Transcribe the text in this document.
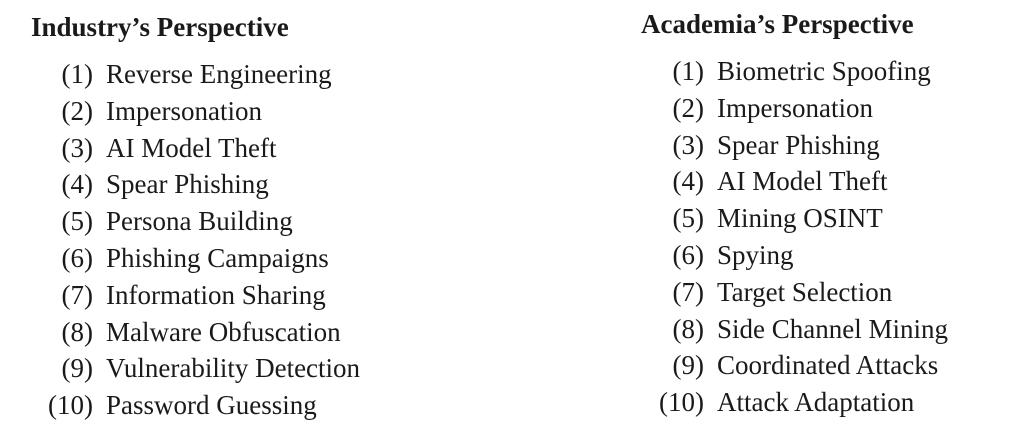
Industry’s Perspective
(1) Reverse Engineering
(2) Impersonation
(3) AI Model Theft
(4) Spear Phishing
(5) Persona Building
(6) Phishing Campaigns
(7) Information Sharing
(8) Malware Obfuscation
(9) Vulnerability Detection
(10) Password Guessing
Academia’s Perspective
(1) Biometric Spoofing
(2) Impersonation
(3) Spear Phishing
(4) AI Model Theft
(5) Mining OSINT
(6) Spying
(7) Target Selection
(8) Side Channel Mining
(9) Coordinated Attacks
(10) Attack Adaptation
